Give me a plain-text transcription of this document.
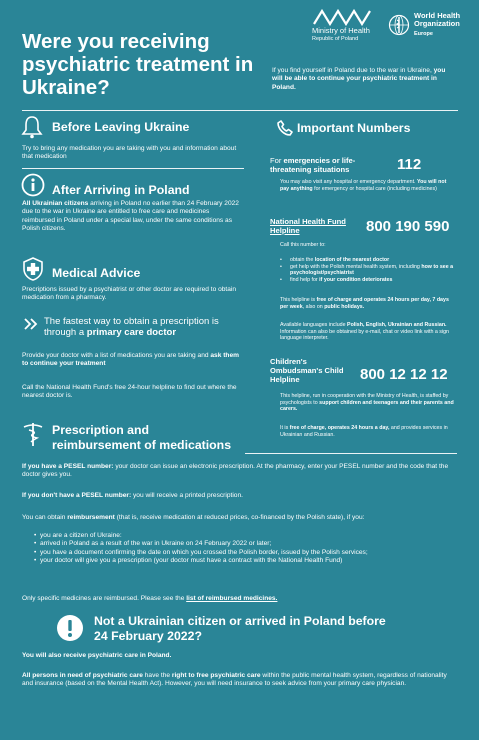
Ministry of Health
Republic of Poland
World Health
Organization
Europe
Were you receiving psychiatric treatment in Ukraine?
If you find yourself in Poland due to the war in Ukraine, you will be able to continue your psychiatric treatment in Poland.
Before Leaving Ukraine
Try to bring any medication you are taking with you and information about that medication
After Arriving in Poland
All Ukrainian citizens arriving in Poland no earlier than 24 February 2022 due to the war in Ukraine are entitled to free care and medicines reimbursed in Poland under a special law, under the same conditions as Polish citizens.
Medical Advice
Precriptions issued by a psychiatrist or other doctor are required to obtain medication from a pharmacy.
The fastest way to obtain a prescription is through a primary care doctor
Provide your doctor with a list of medications you are taking and ask them to continue your treatment
Call the National Health Fund's free 24-hour helpline to find out where the nearest doctor is.
Important Numbers
For emergencies or life-threatening situations	112
You may also visit any hospital or emergency department. You will not pay anything for emergency or hospital care (including medicines)
National Health Fund Helpline	800 190 590
Call this number to:
• obtain the location of the nearest doctor
• get help with the Polish mental health system, including how to see a psychologist/psychiatrist
• find help for if your condition deteriorates
This helpline is free of charge and operates 24 hours per day, 7 days per week, also on public holidays.
Available languages include Polish, English, Ukrainian and Russian. Information can also be obtained by e-mail, chat or video link with a sign language interpreter.
Children's Ombudsman's Child Helpline	800 12 12 12
This helpline, run in cooperation with the Ministry of Health, is staffed by psychologists to support children and teenagers and their parents and carers.
It is free of charge, operates 24 hours a day, and provides services in Ukrainian and Russian.
Prescription and
reimbursement of medications
If you have a PESEL number: your doctor can issue an electronic prescription. At the pharmacy, enter your PESEL number and the code that the doctor gives you.
If you don't have a PESEL number: you will receive a printed prescription.
You can obtain reimbursement (that is, receive medication at reduced prices, co-financed by the Polish state), if you:
• you are a citizen of Ukraine:
• arrived in Poland as a result of the war in Ukraine on 24 February 2022 or later;
• you have a document confirming the date on which you crossed the Polish border, issued by the Polish services;
• your doctor will give you a prescription (your doctor must have a contract with the National Health Fund)
Only specific medicines are reimbursed. Please see the list of reimbursed medicines.
Not a Ukrainian citizen or arrived in Poland before
24 February 2022?
You will also receive psychiatric care in Poland.
All persons in need of psychiatric care have the right to free psychiatric care within the public mental health system, regardless of nationality and insurance (based on the Mental Health Act). However, you will need insurance to seek advice from your primary care physician.
